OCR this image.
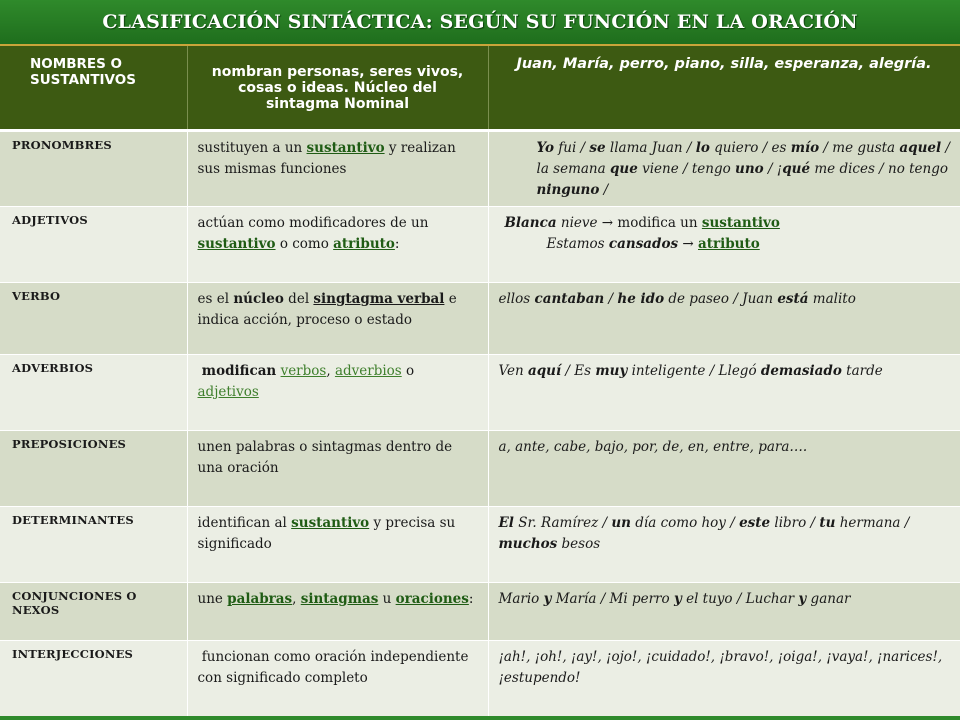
CLASIFICACIÓN SINTÁCTICA: SEGÚN SU FUNCIÓN EN LA ORACIÓN
NOMBRES O SUSTANTIVOS	nombran personas, seres vivos, cosas o ideas. Núcleo del sintagma Nominal	Juan, María, perro, piano, silla, esperanza, alegría.
PRONOMBRES	sustituyen a un sustantivo y realizan sus mismas funciones	Yo fui / se llama Juan / lo quiero / es mío / me gusta aquel / la semana que viene / tengo uno / ¡qué me dices / no tengo ninguno /
ADJETIVOS	actúan como modificadores de un sustantivo o como atributo:	Blanca nieve → modifica un sustantivo
Estamos cansados → atributo

VERBO	es el núcleo del singtagma verbal e indica acción, proceso o estado	ellos cantaban / he ido de paseo / Juan está malito
ADVERBIOS	modifican verbos, adverbios o adjetivos	Ven aquí / Es muy inteligente / Llegó demasiado tarde
PREPOSICIONES	unen palabras o sintagmas dentro de una oración	a, ante, cabe, bajo, por, de, en, entre, para….
DETERMINANTES	identifican al sustantivo y precisa su significado	El Sr. Ramírez / un día como hoy / este libro / tu hermana / muchos besos
CONJUNCIONES O NEXOS	une palabras, sintagmas u oraciones:	Mario y María / Mi perro y el tuyo / Luchar y ganar
INTERJECCIONES	funcionan como oración independiente con significado completo	¡ah!, ¡oh!, ¡ay!, ¡ojo!, ¡cuidado!, ¡bravo!, ¡oiga!, ¡vaya!, ¡narices!, ¡estupendo!
